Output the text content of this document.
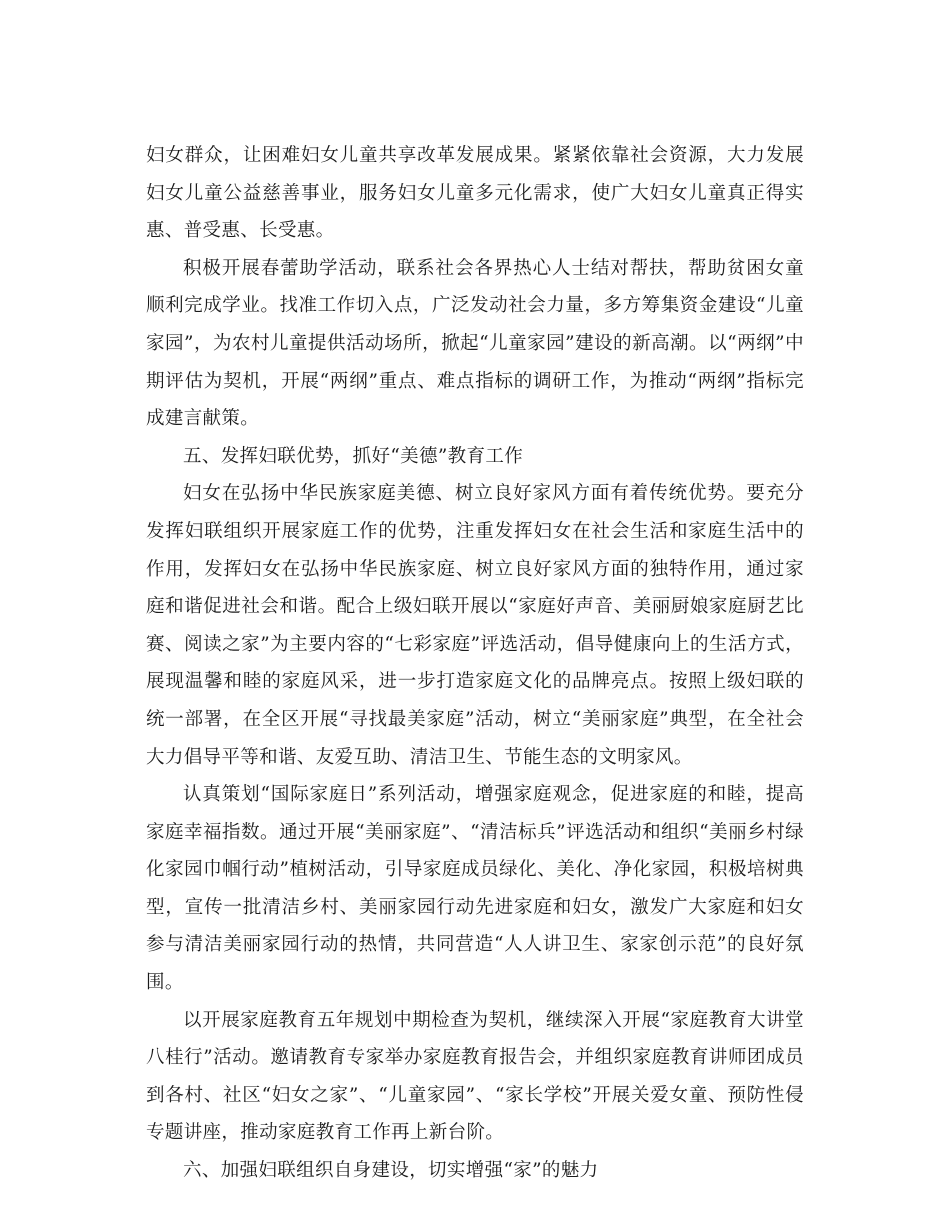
妇女群众，让困难妇女儿童共享改革发展成果。紧紧依靠社会资源，大力发展妇女儿童公益慈善事业，服务妇女儿童多元化需求，使广大妇女儿童真正得实惠、普受惠、长受惠。

积极开展春蕾助学活动，联系社会各界热心人士结对帮扶，帮助贫困女童顺利完成学业。找准工作切入点，广泛发动社会力量，多方筹集资金建设“儿童家园”，为农村儿童提供活动场所，掀起“儿童家园”建设的新高潮。以“两纲”中期评估为契机，开展“两纲”重点、难点指标的调研工作，为推动“两纲”指标完成建言献策。

五、发挥妇联优势，抓好“美德”教育工作

妇女在弘扬中华民族家庭美德、树立良好家风方面有着传统优势。要充分发挥妇联组织开展家庭工作的优势，注重发挥妇女在社会生活和家庭生活中的作用，发挥妇女在弘扬中华民族家庭、树立良好家风方面的独特作用，通过家庭和谐促进社会和谐。配合上级妇联开展以“家庭好声音、美丽厨娘家庭厨艺比赛、阅读之家”为主要内容的“七彩家庭”评选活动，倡导健康向上的生活方式，展现温馨和睦的家庭风采，进一步打造家庭文化的品牌亮点。按照上级妇联的统一部署，在全区开展“寻找最美家庭”活动，树立“美丽家庭”典型，在全社会大力倡导平等和谐、友爱互助、清洁卫生、节能生态的文明家风。

认真策划“国际家庭日”系列活动，增强家庭观念，促进家庭的和睦，提高家庭幸福指数。通过开展“美丽家庭”、“清洁标兵”评选活动和组织“美丽乡村绿化家园巾帼行动”植树活动，引导家庭成员绿化、美化、净化家园，积极培树典型，宣传一批清洁乡村、美丽家园行动先进家庭和妇女，激发广大家庭和妇女参与清洁美丽家园行动的热情，共同营造“人人讲卫生、家家创示范”的良好氛围。

以开展家庭教育五年规划中期检查为契机，继续深入开展“家庭教育大讲堂八桂行”活动。邀请教育专家举办家庭教育报告会，并组织家庭教育讲师团成员到各村、社区“妇女之家”、“儿童家园”、“家长学校”开展关爱女童、预防性侵专题讲座，推动家庭教育工作再上新台阶。

六、加强妇联组织自身建设，切实增强“家”的魅力
